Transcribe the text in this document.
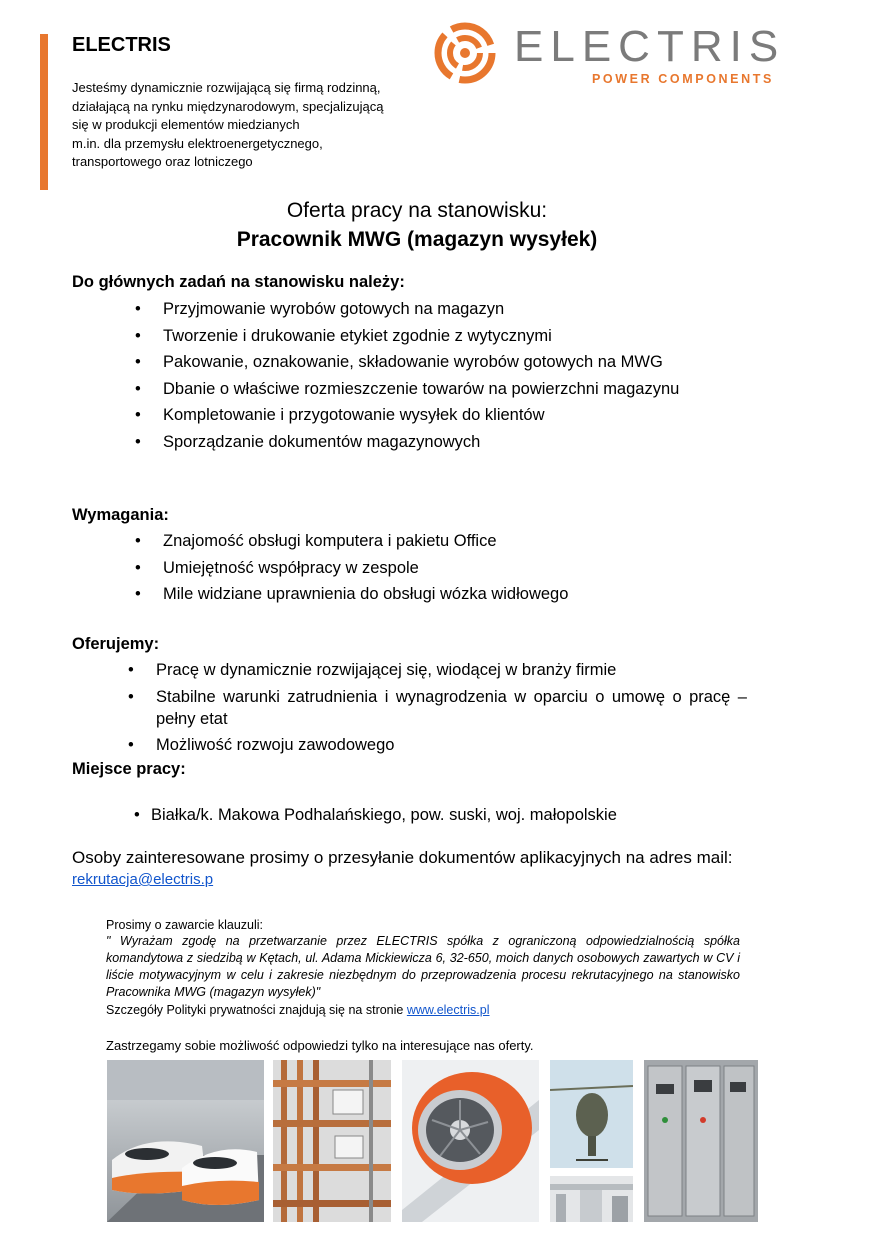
ELECTRIS
Jesteśmy dynamicznie rozwijającą się firmą rodzinną,
działającą na rynku międzynarodowym, specjalizującą
się w produkcji elementów miedzianych
m.in. dla przemysłu elektroenergetycznego,
transportowego oraz lotniczego
ELECTRIS
POWER COMPONENTS
Oferta pracy na stanowisku:
Pracownik MWG (magazyn wysyłek)
Do głównych zadań na stanowisku należy:
• Przyjmowanie wyrobów gotowych na magazyn
• Tworzenie i drukowanie etykiet zgodnie z wytycznymi
• Pakowanie, oznakowanie, składowanie wyrobów gotowych na MWG
• Dbanie o właściwe rozmieszczenie towarów na powierzchni magazynu
• Kompletowanie i przygotowanie wysyłek do klientów
• Sporządzanie dokumentów magazynowych
Wymagania:
• Znajomość obsługi komputera i pakietu Office
• Umiejętność współpracy w zespole
• Mile widziane uprawnienia do obsługi wózka widłowego
Oferujemy:
• Pracę w dynamicznie rozwijającej się, wiodącej w branży firmie
• Stabilne warunki zatrudnienia i wynagrodzenia w oparciu o umowę o pracę – pełny etat
• Możliwość rozwoju zawodowego
Miejsce pracy:
• Białka/k. Makowa Podhalańskiego, pow. suski, woj. małopolskie
Osoby zainteresowane prosimy o przesyłanie dokumentów aplikacyjnych na adres mail:
rekrutacja@electris.p
Prosimy o zawarcie klauzuli:
" Wyrażam zgodę na przetwarzanie przez ELECTRIS spółka z ograniczoną odpowiedzialnością spółka komandytowa z siedzibą w Kętach, ul. Adama Mickiewicza 6, 32-650, moich danych osobowych zawartych w CV i liście motywacyjnym w celu i zakresie niezbędnym do przeprowadzenia procesu rekrutacyjnego na stanowisko Pracownika MWG (magazyn wysyłek)"
Szczegóły Polityki prywatności znajdują się na stronie www.electris.pl
Zastrzegamy sobie możliwość odpowiedzi tylko na interesujące nas oferty.
